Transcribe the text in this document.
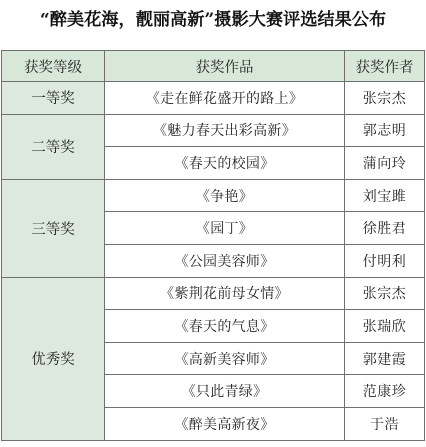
“醉美花海，靓丽高新”摄影大赛评选结果公布
获奖等级	获奖作品	获奖作者
一等奖	《走在鲜花盛开的路上》	张宗杰
二等奖	《魅力春天出彩高新》	郭志明
	《春天的校园》	蒲向玲
三等奖	《争艳》	刘宝雎
	《园丁》	徐胜君
	《公园美容师》	付明利
优秀奖	《紫荆花前母女情》	张宗杰
	《春天的气息》	张瑞欣
	《高新美容师》	郭建霞
	《只此青绿》	范康珍
	《醉美高新夜》	于浩
